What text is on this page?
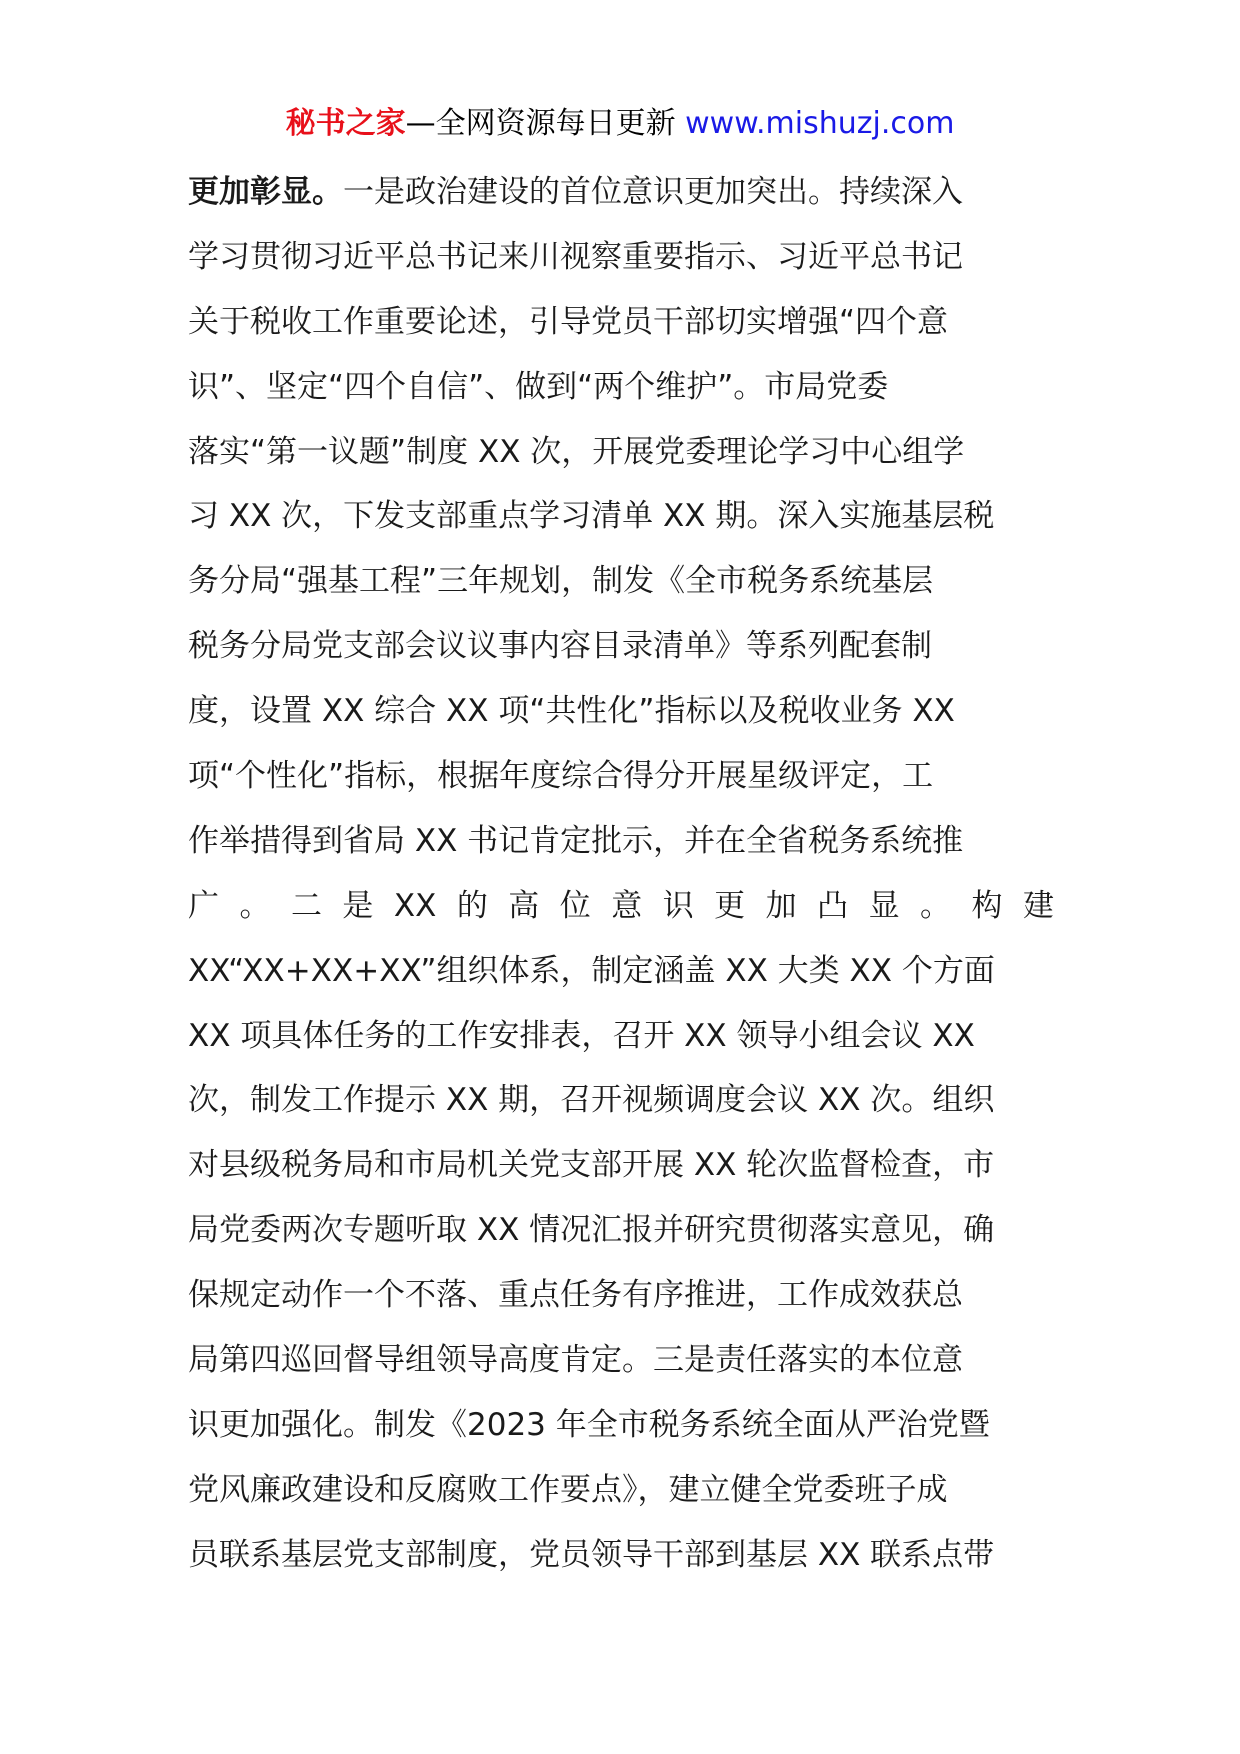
秘书之家—全网资源每日更新 www.mishuzj.com
更加彰显。一是政治建设的首位意识更加突出。持续深入
学习贯彻习近平总书记来川视察重要指示、习近平总书记
关于税收工作重要论述，引导党员干部切实增强“四个意
识”、坚定“四个自信”、做到“两个维护”。市局党委
落实“第一议题”制度 XX 次，开展党委理论学习中心组学
习 XX 次，下发支部重点学习清单 XX 期。深入实施基层税
务分局“强基工程”三年规划，制发《全市税务系统基层
税务分局党支部会议议事内容目录清单》等系列配套制
度，设置 XX 综合 XX 项“共性化”指标以及税收业务 XX
项“个性化”指标，根据年度综合得分开展星级评定，工
作举措得到省局 XX 书记肯定批示，并在全省税务系统推
广 。 二 是 XX 的 高 位 意 识 更 加 凸 显 。 构 建
XX“XX+XX+XX”组织体系，制定涵盖 XX 大类 XX 个方面
XX 项具体任务的工作安排表，召开 XX 领导小组会议 XX
次，制发工作提示 XX 期，召开视频调度会议 XX 次。组织
对县级税务局和市局机关党支部开展 XX 轮次监督检查，市
局党委两次专题听取 XX 情况汇报并研究贯彻落实意见，确
保规定动作一个不落、重点任务有序推进，工作成效获总
局第四巡回督导组领导高度肯定。三是责任落实的本位意
识更加强化。制发《2023 年全市税务系统全面从严治党暨
党风廉政建设和反腐败工作要点》，建立健全党委班子成
员联系基层党支部制度，党员领导干部到基层 XX 联系点带
